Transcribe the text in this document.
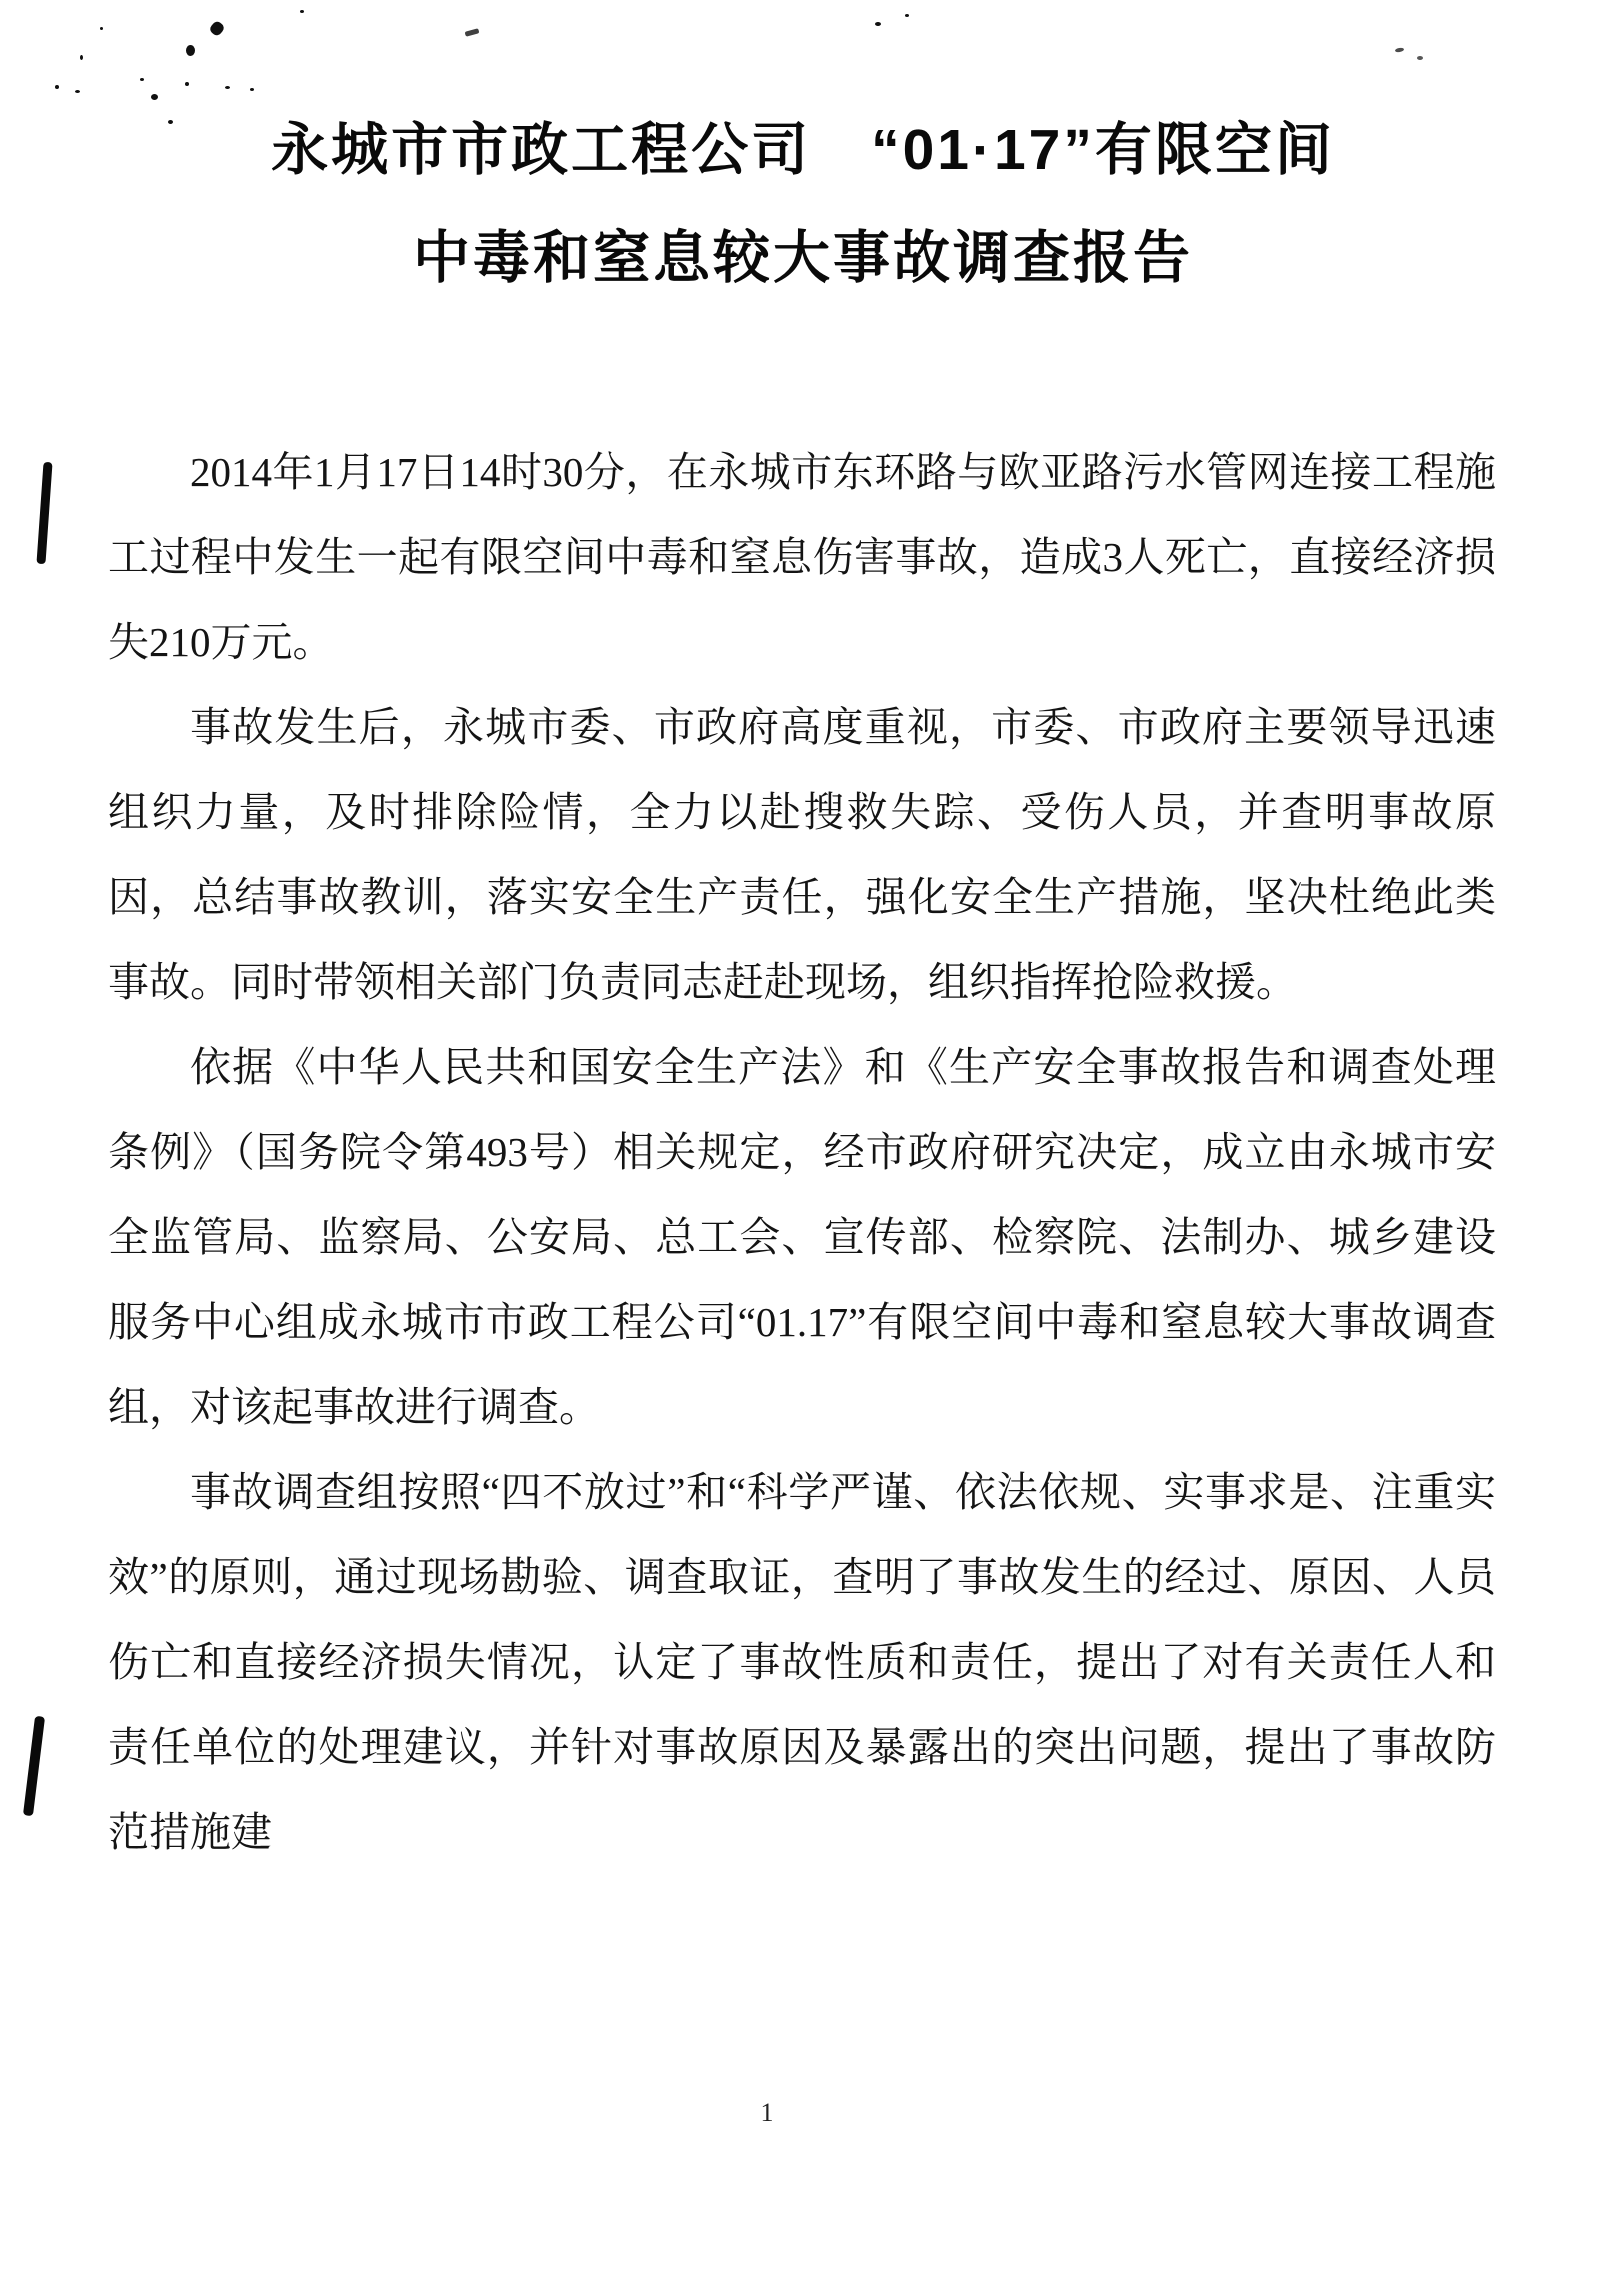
永城市市政工程公司　“01·17”有限空间
中毒和窒息较大事故调查报告

2014年1月17日14时30分，在永城市东环路与欧亚路污水管网连接工程施工过程中发生一起有限空间中毒和窒息伤害事故，造成3人死亡，直接经济损失210万元。

事故发生后，永城市委、市政府高度重视，市委、市政府主要领导迅速组织力量，及时排除险情，全力以赴搜救失踪、受伤人员，并查明事故原因，总结事故教训，落实安全生产责任，强化安全生产措施，坚决杜绝此类事故。同时带领相关部门负责同志赶赴现场，组织指挥抢险救援。

依据《中华人民共和国安全生产法》和《生产安全事故报告和调查处理条例》（国务院令第493号）相关规定，经市政府研究决定，成立由永城市安全监管局、监察局、公安局、总工会、宣传部、检察院、法制办、城乡建设服务中心组成永城市市政工程公司“01.17”有限空间中毒和窒息较大事故调查组，对该起事故进行调查。

事故调查组按照“四不放过”和“科学严谨、依法依规、实事求是、注重实效”的原则，通过现场勘验、调查取证，查明了事故发生的经过、原因、人员伤亡和直接经济损失情况，认定了事故性质和责任，提出了对有关责任人和责任单位的处理建议，并针对事故原因及暴露出的突出问题，提出了事故防范措施建

1
